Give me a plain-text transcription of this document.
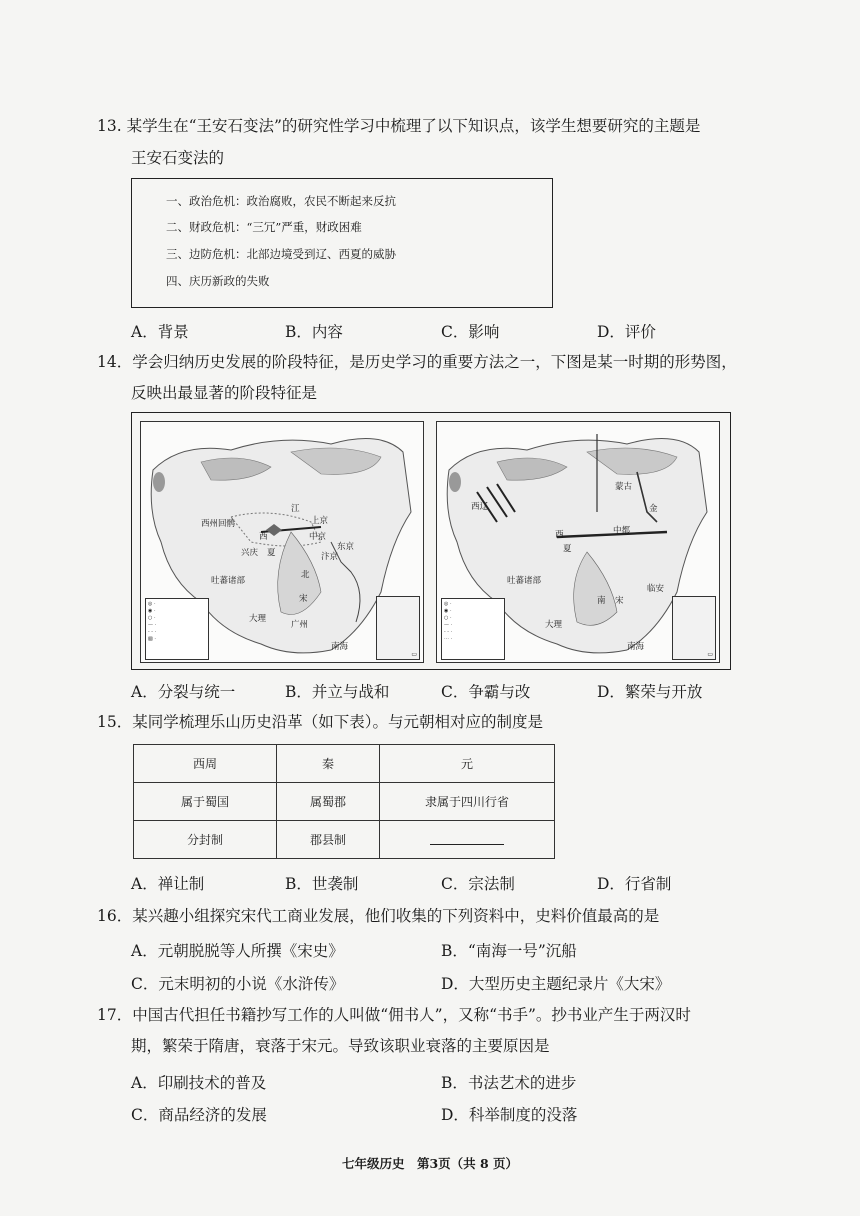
13. 某学生在“王安石变法”的研究性学习中梳理了以下知识点，该学生想要研究的主题是
王安石变法的
一、政治危机：政治腐败，农民不断起来反抗
二、财政危机：“三冗”严重，财政困难
三、边防危机：北部边境受到辽、西夏的威胁
四、庆历新政的失败
A．背景	B．内容	C．影响	D．评价
14．学会归纳历史发展的阶段特征，是历史学习的重要方法之一，下图是某一时期的形势图，
反映出最显著的阶段特征是
江
上京
西州回鹘
西
兴庆 夏
中京
东京
汴京
北
宋
吐蕃诸部
大理
广州
南海
◎ ·
◉ ·
○ ·
— ·
- - ·
▧ ·
▭
蒙古
西辽	金
西	中都
夏
临安
南 宋
吐蕃诸部
大理
南海
◎ ·
◉ ·
○ ·
— ·
- - ·
⋯ ·
▭
A．分裂与统一	B．并立与战和	C．争霸与改	D．繁荣与开放
15．某同学梳理乐山历史沿革（如下表）。与元朝相对应的制度是
西周	秦	元
属于蜀国	属蜀郡	隶属于四川行省
分封制	郡县制	
A．禅让制	B．世袭制	C．宗法制	D．行省制
16．某兴趣小组探究宋代工商业发展，他们收集的下列资料中，史料价值最高的是
A．元朝脱脱等人所撰《宋史》	B．“南海一号”沉船
C．元末明初的小说《水浒传》	D．大型历史主题纪录片《大宋》
17．中国古代担任书籍抄写工作的人叫做“佣书人”，又称“书手”。抄书业产生于两汉时
期，繁荣于隋唐，衰落于宋元。导致该职业衰落的主要原因是
A．印刷技术的普及	B．书法艺术的进步
C．商品经济的发展	D．科举制度的没落
七年级历史　第3页（共 8 页）
